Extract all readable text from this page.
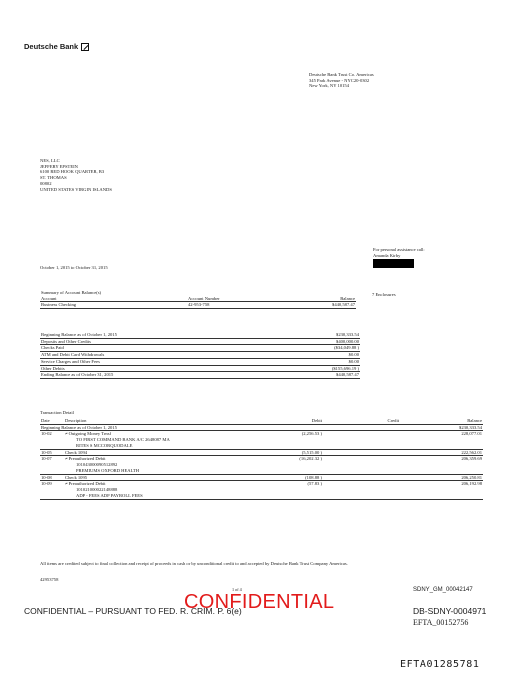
Deutsche Bank
Deutsche Bank Trust Co. Americas
345 Park Avenue - NYC20-0302
New York, NY 10154
NES, LLC
JEFFERY EPSTEIN
6100 RED HOOK QUARTER, B3
ST. THOMAS
00802
UNITED STATES VIRGIN ISLANDS
For personal assistance call:
Amanda Kirby
October 1, 2015 to October 31, 2015
7 Enclosures
Summary of Account Balance(s)		
Account	Account Number	Balance
Business Checking	42-953-758	$440,587.47
Beginning Balance as of October 1, 2015	$230,333.54
Deposits and Other Credits	$400,000.00
Checks Paid	($34,049.88 )
ATM and Debit Card Withdrawals	$0.00
Service Charges and Other Fees	$0.00
Other Debits	($155,696.19 )
Ending Balance as of October 31, 2015	$440,587.47
Transaction Detail
Date	Description	Debit	Credit	Balance
Beginning Balance as of October 1, 2015				$230,333.54
10-02	≠ Outgoing Money Trnsf	(2,256.53 )		228,077.01
	TO FIRST COMMAND BANK A/C 2648087 MA			
	RITES S MCCORQUODALE			
10-05	Check 1094	(5,515.00 )		222,562.01
10-07	≠ Preauthorized Debit	(16,202.32 )		206,359.69
	101043000090512892			
	PREMIUMS OXFORD HEALTH			
10-08	Check 1095	(108.88 )		206,250.81
10-09	≠ Preauthorized Debit	(57.83 )		206,192.98
	101021000022148888			
	ADP - FEES ADP PAYROLL FEES			
All items are credited subject to final collection and receipt of proceeds in cash or by unconditional credit to and accepted by Deutsche Bank Trust Company Americas.
42953758
1 of 4
CONFIDENTIAL
CONFIDENTIAL – PURSUANT TO FED. R. CRIM. P. 6(e)
SDNY_GM_00042147
DB-SDNY-0004971
EFTA_00152756
EFTA01285781
